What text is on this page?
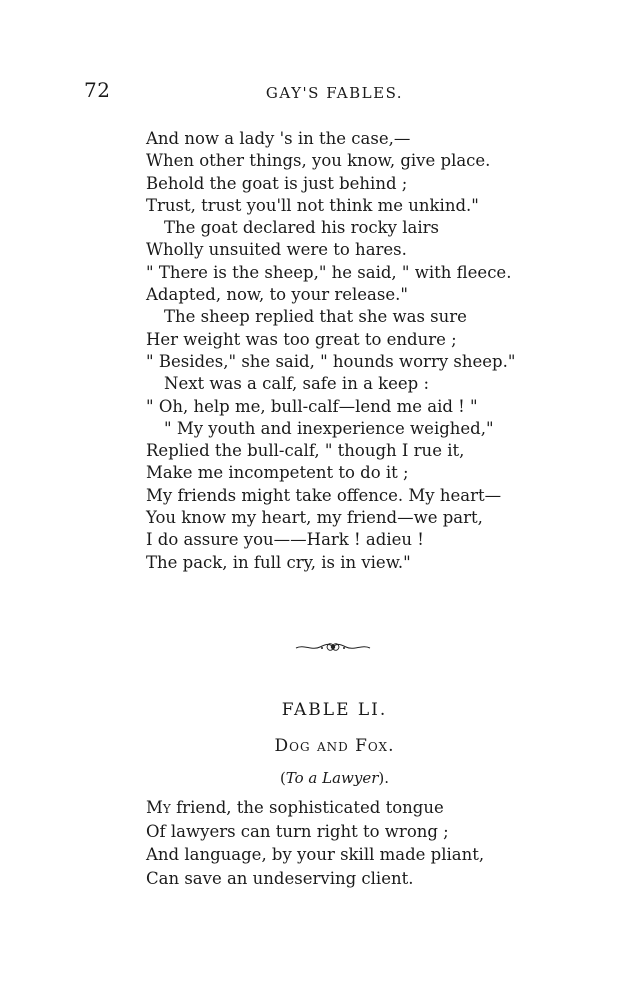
72	GAY'S FABLES.
And now a lady 's in the case,—
When other things, you know, give place.
Behold the goat is just behind ;
Trust, trust you'll not think me unkind."
The goat declared his rocky lairs
Wholly unsuited were to hares.
" There is the sheep," he said, " with fleece.
Adapted, now, to your release."
The sheep replied that she was sure
Her weight was too great to endure ;
" Besides," she said, " hounds worry sheep."
Next was a calf, safe in a keep :
" Oh, help me, bull-calf—lend me aid ! "
" My youth and inexperience weighed,"
Replied the bull-calf, " though I rue it,
Make me incompetent to do it ;
My friends might take offence. My heart—
You know my heart, my friend—we part,
I do assure you——Hark ! adieu !
The pack, in full cry, is in view."
FABLE LI.
Dog and Fox.
(To a Lawyer).
My friend, the sophisticated tongue
Of lawyers can turn right to wrong ;
And language, by your skill made pliant,
Can save an undeserving client.
